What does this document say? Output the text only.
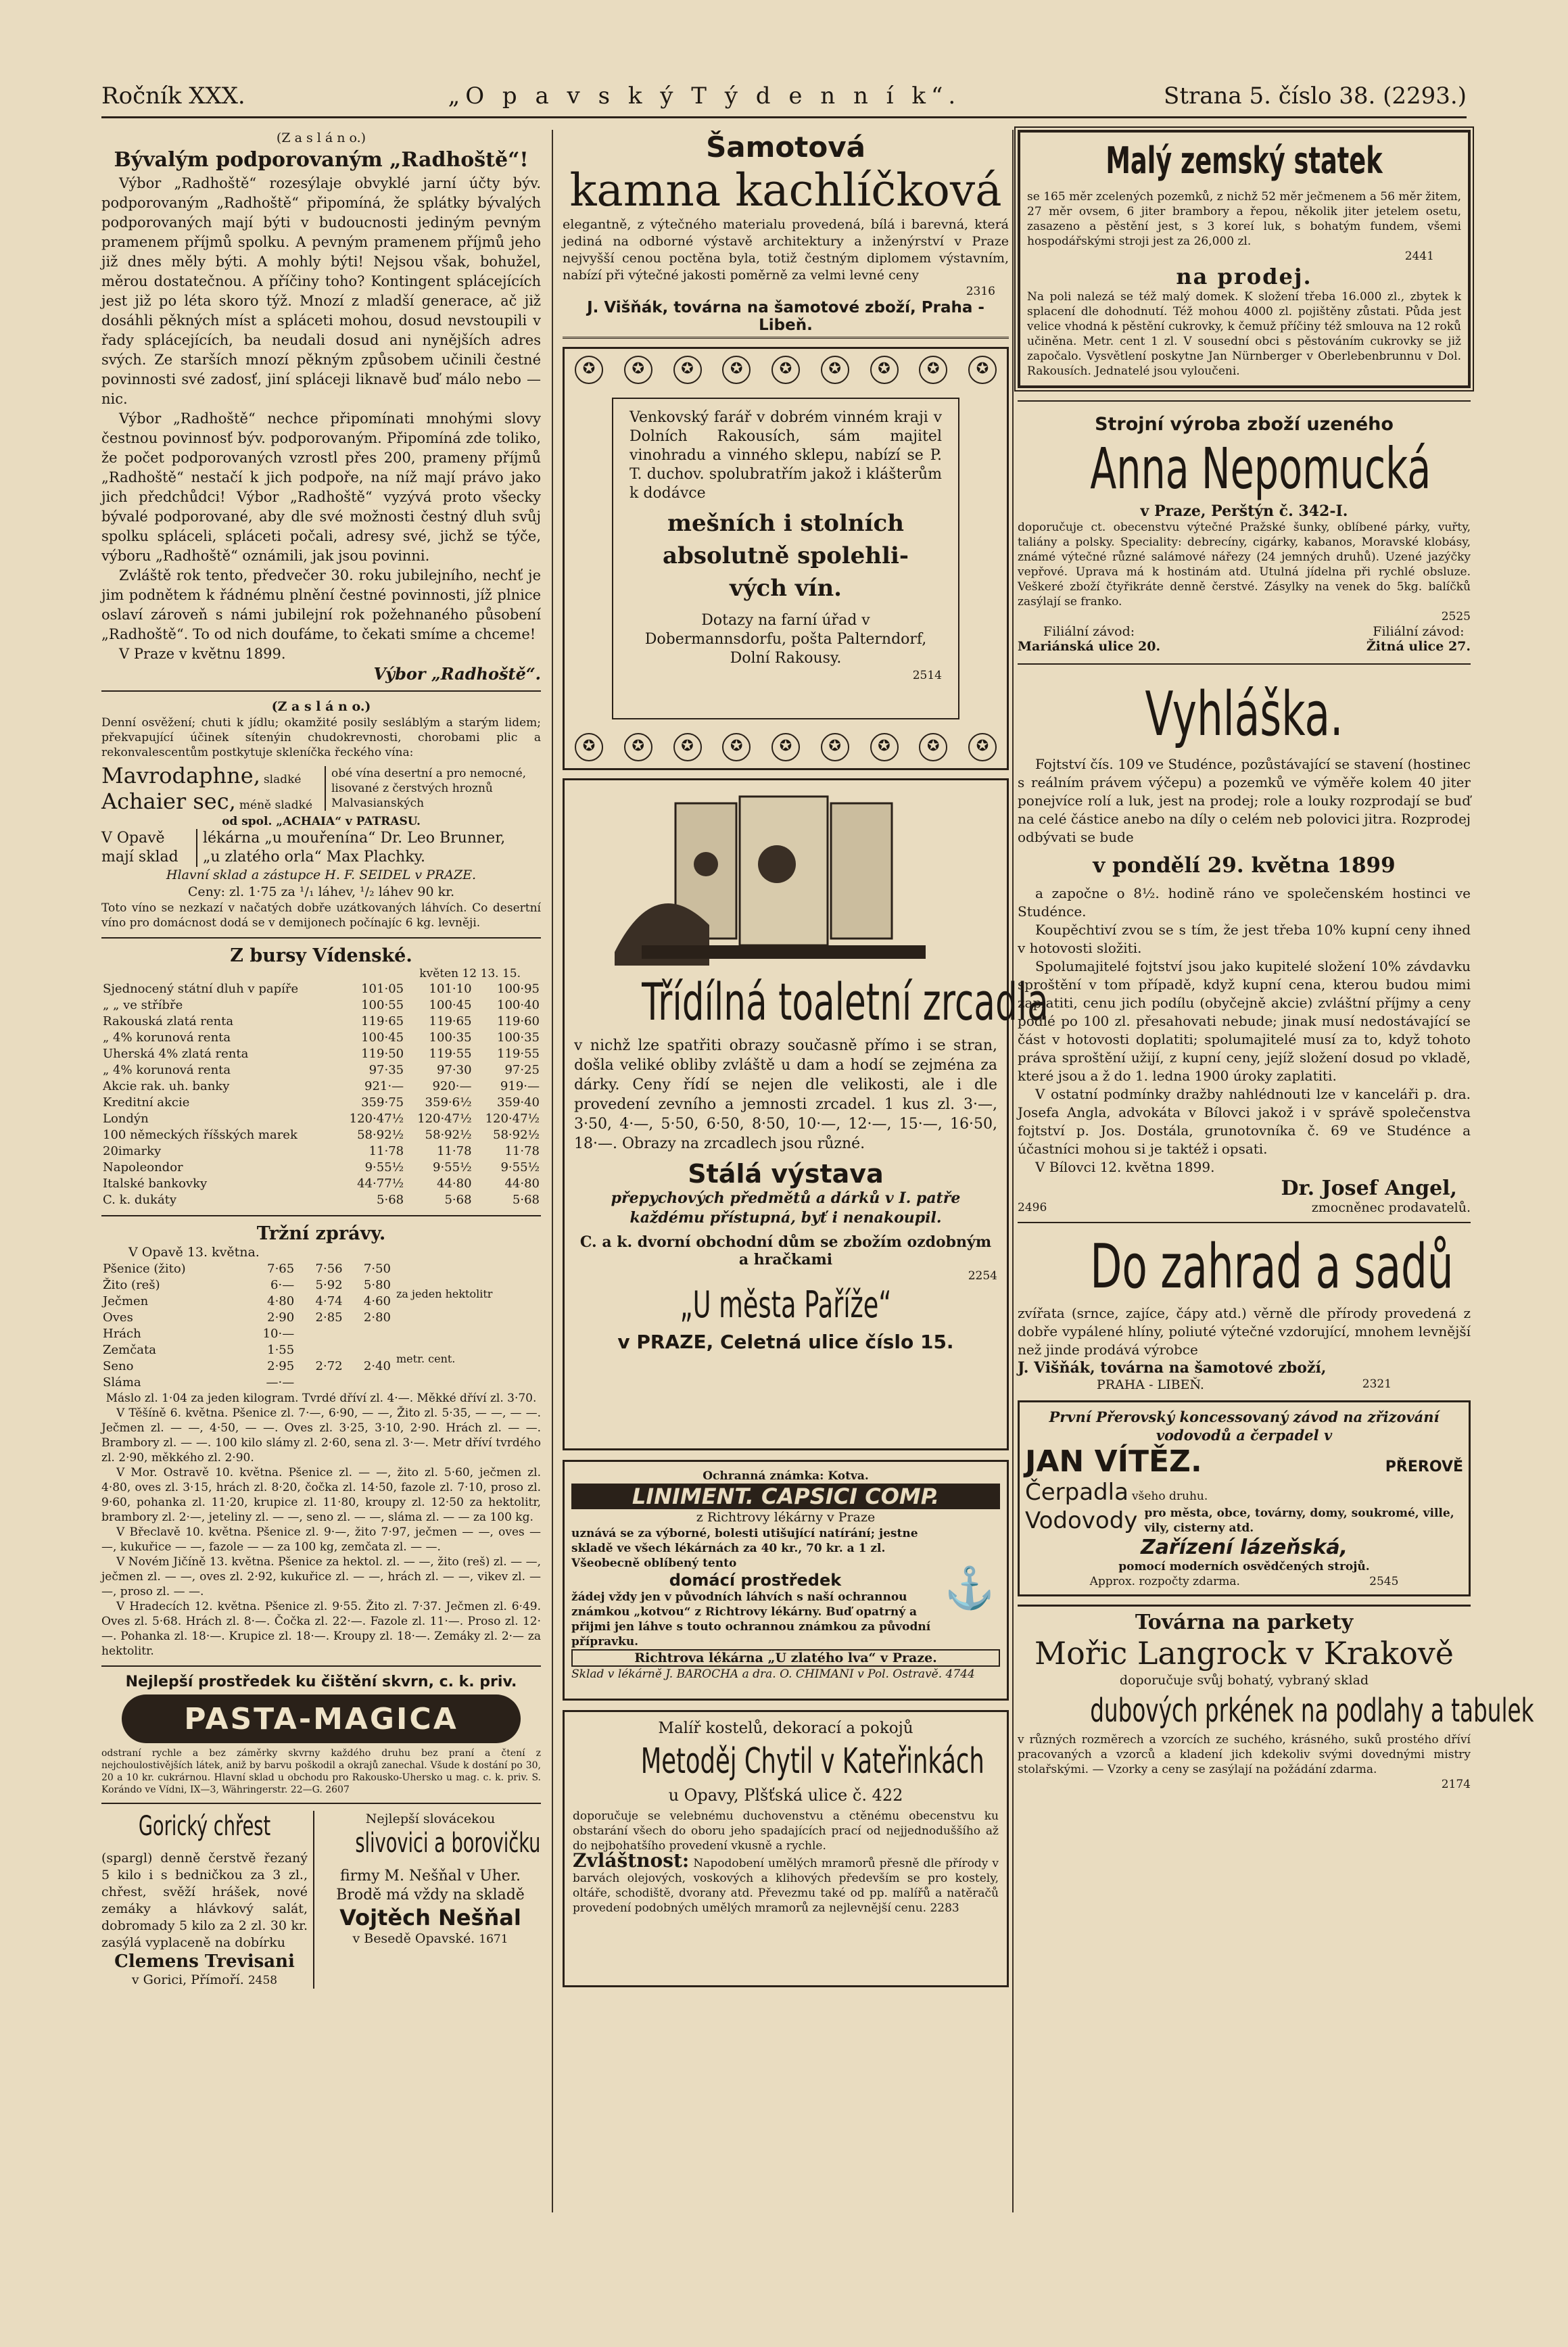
Ročník XXX.	„O p a v s k ý T ý d e n n í k“.	Strana 5. číslo 38. (2293.)

(Z a s l á n o.)

Bývalým podporovaným „Radhoště“!

Výbor „Radhoště“ rozesýlaje obvyklé jarní účty býv. podporovaným „Radhoště“ připomíná, že splátky bývalých podporovaných mají býti v budoucnosti jediným pevným pramenem příjmů spolku. A pevným pramenem příjmů jeho již dnes měly býti. A mohly býti! Nejsou však, bohužel, měrou dostatečnou. A příčiny toho? Kontingent splácejících jest již po léta skoro týž. Mnozí z mladší generace, ač již dosáhli pěkných míst a spláceti mohou, dosud nevstoupili v řady splácejících, ba neudali dosud ani nynějších adres svých. Ze starších mnozí pěkným způsobem učinili čestné povinnosti své zadosť, jiní spláceji liknavě buď málo nebo — nic.

Výbor „Radhoště“ nechce připomínati mnohými slovy čestnou povinnosť býv. podporovaným. Připomíná zde toliko, že počet podporovaných vzrostl přes 200, prameny příjmů „Radhoště“ nestačí k jich podpoře, na níž mají právo jako jich předchůdci! Výbor „Radhoště“ vyzývá proto všecky bývalé podporované, aby dle své možnosti čestný dluh svůj spolku spláceli, spláceti počali, adresy své, jichž se týče, výboru „Radhoště“ oznámili, jak jsou povinni.

Zvláště rok tento, předvečer 30. roku jubilejního, nechť je jim podnětem k řádnému plnění čestné povinnosti, jíž plnice oslaví zároveň s námi jubilejní rok požehnaného působení „Radhoště“. To od nich doufáme, to čekati smíme a chceme!

V Praze v květnu 1899.

Výbor „Radhoště“.

(Z a s l á n o.)

Denní osvěžení; chuti k jídlu; okamžité posily sesláblým a starým lidem; překvapující účinek sítenýin chudokrevnosti, chorobami plic a rekonvalescentům postkytuje skleníčka řeckého vína:

Mavrodaphne, sladké

Achaier sec, méně sladké

obé vína desertní a pro nemocné, lisované z čerstvých hroznů Malvasianských

od spol. „ACHAIA“ v PATRASU.

V Opavě

mají sklad

lékárna „u mouřenína“ Dr. Leo Brunner,

„u zlatého orla“ Max Plachky.

Hlavní sklad a zástupce H. F. SEIDEL v PRAZE.

Ceny: zl. 1·75 za ¹/₁ láhev, ¹/₂ láhev 90 kr.

Toto víno se nezkazí v načatých dobře uzátkovaných láhvích. Co desertní víno pro domácnost dodá se v demijonech počínajíc 6 kg. levněji.

Z bursy Vídenské.

květen 12 13. 15.

Sjednocený státní dluh v papíře	101·05	101·10	100·95
„ „ ve stříbře	100·55	100·45	100·40
Rakouská zlatá renta	119·65	119·65	119·60
„ 4% korunová renta	100·45	100·35	100·35
Uherská 4% zlatá renta	119·50	119·55	119·55
„ 4% korunová renta	97·35	97·30	97·25
Akcie rak. uh. banky	921·—	920·—	919·—
Kreditní akcie	359·75	359·6½	359·40
Londýn	120·47½	120·47½	120·47½
100 německých říšských marek	58·92½	58·92½	58·92½
20imarky	11·78	11·78	11·78
Napoleondor	9·55½	9·55½	9·55½
Italské bankovky	44·77½	44·80	44·80
C. k. dukáty	5·68	5·68	5·68

Tržní zprávy.

V Opavě 13. května.

Pšenice (žito)	7·65	7·56	7·50
Žito (reš)	6·—	5·92	5·80
Ječmen	4·80	4·74	4·60
Oves	2·90	2·85	2·80
Hrách	10·—		
Zemčata	1·55		
Seno	2·95	2·72	2·40
Sláma	—·—		
za jeden hektolitr
metr. cent.

Máslo zl. 1·04 za jeden kilogram. Tvrdé dříví zl. 4·—. Měkké dříví zl. 3·70.

V Těšíně 6. května. Pšenice zl. 7·—, 6·90, — —, Žito zl. 5·35, — —, — —. Ječmen zl. — —, 4·50, — —. Oves zl. 3·25, 3·10, 2·90. Hrách zl. — —. Brambory zl. — —. 100 kilo slámy zl. 2·60, sena zl. 3·—. Metr dříví tvrdého zl. 2·90, měkkého zl. 2·90.

V Mor. Ostravě 10. května. Pšenice zl. — —, žito zl. 5·60, ječmen zl. 4·80, oves zl. 3·15, hrách zl. 8·20, čočka zl. 14·50, fazole zl. 7·10, proso zl. 9·60, pohanka zl. 11·20, krupice zl. 11·80, kroupy zl. 12·50 za hektolitr, brambory zl. 2·—, jeteliny zl. — —, seno zl. — —, sláma zl. — — za 100 kg.

V Břeclavě 10. května. Pšenice zl. 9·—, žito 7·97, ječmen — —, oves — —, kukuřice — —, fazole — — za 100 kg, zemčata zl. — —.

V Novém Jičíně 13. května. Pšenice za hektol. zl. — —, žito (reš) zl. — —, ječmen zl. — —, oves zl. 2·92, kukuřice zl. — —, hrách zl. — —, vikev zl. — —, proso zl. — —.

V Hradecích 12. května. Pšenice zl. 9·55. Žito zl. 7·37. Ječmen zl. 6·49. Oves zl. 5·68. Hrách zl. 8·—. Čočka zl. 22·—. Fazole zl. 11·—. Proso zl. 12·—. Pohanka zl. 18·—. Krupice zl. 18·—. Kroupy zl. 18·—. Zemáky zl. 2·— za hektolitr.

Nejlepší prostředek ku čištění skvrn, c. k. priv.

PASTA-MAGICA

odstraní rychle a bez záměrky skvrny každého druhu bez praní a čtení z nejchoulostivějších látek, aniž by barvu poškodil a okrajů zanechal. Všude k dostání po 30, 20 a 10 kr. cukrárnou. Hlavní sklad u obchodu pro Rakousko-Uhersko u mag. c. k. priv. S. Korándo ve Vídni, IX—3, Währingerstr. 22—G. 2607

Gorický chřest

(spargl) denně čerstvě řezaný 5 kilo i s bedničkou za 3 zl., chřest, svěží hrášek, nové zemáky a hlávkový salát, dobromady 5 kilo za 2 zl. 30 kr. zasýlá vyplaceně na dobírku

Clemens Trevisani

v Gorici, Přímoří. 2458

Nejlepší slovácekou

slivovici a borovičku

firmy M. Nešňal v Uher. Brodě má vždy na skladě

Vojtěch Nešňal

v Besedě Opavské. 1671

Šamotová

kamna kachlíčková

elegantně, z výtečného materialu provedená, bílá i barevná, která jediná na odborné výstavě architektury a inženýrství v Praze nejvyšší cenou poctěna byla, totiž čestným diplomem výstavním, nabízí při výtečné jakosti poměrně za velmi levné ceny

2316

J. Višňák, továrna na šamotové zboží, Praha - Libeň.

✪	✪	✪	✪	✪	✪	✪	✪	✪

Venkovský farář v dobrém vinném kraji v Dolních Rakousích, sám majitel vinohradu a vinného sklepu, nabízí se P. T. duchov. spolubratřím jakož i klášterům k dodávce

mešních i stolních

absolutně spolehli-

vých vín.

Dotazy na farní úřad v Dobermannsdorfu, pošta Palterndorf, Dolní Rakousy.

2514

✪	✪	✪	✪	✪	✪	✪	✪	✪

Třídílná toaletní zrcadla

v nichž lze spatřiti obrazy současně přímo i se stran, došla veliké obliby zvláště u dam a hodí se zejména za dárky. Ceny řídí se nejen dle velikosti, ale i dle provedení zevního a jemnosti zrcadel. 1 kus zl. 3·—, 3·50, 4·—, 5·50, 6·50, 8·50, 10·—, 12·—, 15·—, 16·50, 18·—. Obrazy na zrcadlech jsou různé.

Stálá výstava

přepychových předmětů a dárků v I. patře každému přístupná, byť i nenakoupil.

C. a k. dvorní obchodní dům se zbožím ozdobným a hračkami

2254

„U města Paříže“

v PRAZE, Celetná ulice číslo 15.

Ochranná známka: Kotva.

LINIMENT. CAPSICI COMP.

z Richtrovy lékárny v Praze

uznává se za výborné, bolesti utišující natírání; jestne skladě ve všech lékárnách za 40 kr., 70 kr. a 1 zl. Všeobecně oblíbený tento

domácí prostředek

žádej vždy jen v původních láhvích s naší ochrannou známkou „kotvou“ z Richtrovy lékárny. Buď opatrný a přijmi jen láhve s touto ochrannou známkou za původní přípravku.

⚓

Richtrova lékárna „U zlatého lva“ v Praze.

Sklad v lékárně J. BAROCHA a dra. O. CHIMANI v Pol. Ostravě. 4744

Malíř kostelů, dekorací a pokojů

Metoděj Chytil v Kateřinkách

u Opavy, Plšťská ulice č. 422

doporučuje se velebnému duchovenstvu a ctěnému obecenstvu ku obstarání všech do oboru jeho spadajících prací od nejjednoduššího až do nejbohatšího provedení vkusně a rychle.

Zvláštnost: Napodobení umělých mramorů přesně dle přírody v barvách olejových, voskových a klihových především se pro kostely, oltáře, schodiště, dvorany atd. Převezmu také od pp. malířů a natěračů provedení podobných umělých mramorů za nejlevnější cenu. 2283

Malý zemský statek

se 165 měr zcelených pozemků, z nichž 52 měr ječmenem a 56 měr žitem, 27 měr ovsem, 6 jiter brambory a řepou, několik jiter jetelem osetu, zasazeno a pěstění jest, s 3 koreí luk, s bohatým fundem, všemi hospodářskými stroji jest za 26,000 zl.

2441

na prodej.

Na poli nalezá se též malý domek. K složení třeba 16.000 zl., zbytek k splacení dle dohodnutí. Též mohou 4000 zl. pojištěny zůstati. Půda jest velice vhodná k pěstění cukrovky, k čemuž příčiny též smlouva na 12 roků učiněna. Metr. cent 1 zl. V sousední obci s pěstováním cukrovky se již započalo. Vysvětlení poskytne Jan Nürnberger v Oberlebenbrunnu v Dol. Rakousích. Jednatelé jsou vyloučeni.

Strojní výroba zboží uzeného

Anna Nepomucká

v Praze, Perštýn č. 342-I.

doporučuje ct. obecenstvu výtečné Pražské šunky, oblíbené párky, vuřty, taliány a polsky. Speciality: debrecíny, cigárky, kabanos, Moravské klobásy, známé výtečné různé salámové nářezy (24 jemných druhů). Uzené jazýčky vepřové. Uprava má k hostinám atd. Utulná jídelna při rychlé obsluze. Veškeré zboží čtyřikráte denně čerstvé. Zásylky na venek do 5kg. balíčků zasýlají se franko.

2525

Filiální závod:

Mariánská ulice 20.

Filiální závod:

Žitná ulice 27.

Vyhláška.

Fojtství čís. 109 ve Studénce, pozůstávající se stavení (hostinec s reálním právem výčepu) a pozemků ve výměře kolem 40 jiter ponejvíce rolí a luk, jest na prodej; role a louky rozprodají se buď na celé částice anebo na díly o celém neb polovici jitra. Rozprodej odbývati se bude

v pondělí 29. května 1899

a započne o 8½. hodině ráno ve společenském hostinci ve Studénce.

Koupěchtiví zvou se s tím, že jest třeba 10% kupní ceny ihned v hotovosti složiti.

Spolumajitelé fojtství jsou jako kupitelé složení 10% závdavku sproštění v tom případě, když kupní cena, kterou budou mimi zaplatiti, cenu jich podílu (obyčejně akcie) zvláštní příjmy a ceny podlé po 100 zl. přesahovati nebude; jinak musí nedostávající se část v hotovosti doplatiti; spolumajitelé musí za to, když tohoto práva sproštění užijí, z kupní ceny, jejíž složení dosud po vkladě, které jsou a ž do 1. ledna 1900 úroky zaplatiti.

V ostatní podmínky dražby nahlédnouti lze v kanceláři p. dra. Josefa Angla, advokáta v Bílovci jakož i v správě společenstva fojtství p. Jos. Dostála, grunotovníka č. 69 ve Studénce a účastníci mohou si je taktéž i opsati.

V Bílovci 12. května 1899.

Dr. Josef Angel,

2496	zmocněnec prodavatelů.

Do zahrad a sadů

zvířata (srnce, zajíce, čápy atd.) věrně dle přírody provedená z dobře vypálené hlíny, poliuté výtečné vzdorující, mnohem levnější než jinde prodává výrobce

J. Višňák, továrna na šamotové zboží,

PRAHA - LIBEŇ.	2321

První Přerovský koncessovaný závod na zřizování vodovodů a čerpadel v

JAN VÍTĚZ.	PŘEROVĚ

Čerpadla všeho druhu.

Vodovody pro města, obce, továrny, domy, soukromé, ville, vily, cisterny atd.

Zařízení lázeňská,

pomocí moderních osvědčených strojů.

Approx. rozpočty zdarma.	2545

Továrna na parkety

Mořic Langrock v Krakově

doporučuje svůj bohatý, vybraný sklad

dubových prkének na podlahy a tabulek

v různých rozměrech a vzorcích ze suchého, krásného, suků prostého dříví pracovaných a vzorců a kladení jich kdekoliv svými dovednými mistry stolařskými. — Vzorky a ceny se zasýlají na požádání zdarma.

2174
